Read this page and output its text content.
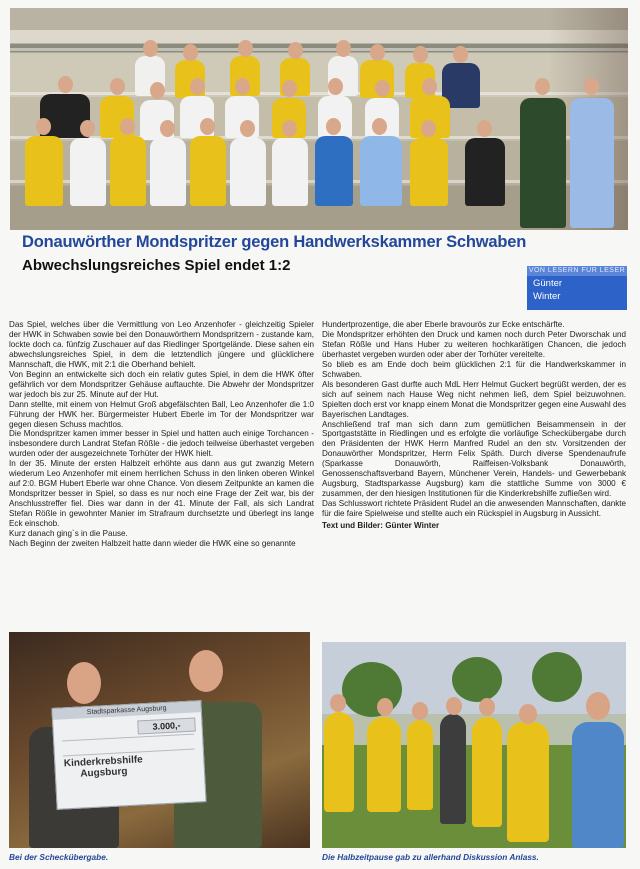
Donauwörther Mondspritzer gegen Handwerkskammer Schwaben
Abwechslungsreiches Spiel endet 1:2	VON LESERN FÜR LESER
Günter
Winter

Das Spiel, welches über die Vermittlung von Leo Anzenhofer - gleichzeitig Spieler der HWK in Schwaben sowie bei den Donauwörthern Mondspritzern - zustande kam, lockte doch ca. fünfzig Zuschauer auf das Riedlinger Sportgelände. Diese sahen ein abwechslungsreiches Spiel, in dem die letztendlich jüngere und glücklichere Mannschaft, die HWK, mit 2:1 die Oberhand behielt.

Von Beginn an entwickelte sich doch ein relativ gutes Spiel, in dem die HWK öfter gefährlich vor dem Mondspritzer Gehäuse auftauchte. Die Abwehr der Mondspritzer war jedoch bis zur 25. Minute auf der Hut.

Dann stellte, mit einem von Helmut Groß abgefälschten Ball, Leo Anzenhofer die 1:0 Führung der HWK her. Bürgermeister Hubert Eberle im Tor der Mondspritzer war gegen diesen Schuss machtlos.

Die Mondspritzer kamen immer besser in Spiel und hatten auch einige Torchancen - insbesondere durch Landrat Stefan Rößle - die jedoch teilweise überhastet vergeben wurden oder der ausgezeichnete Torhüter der HWK hielt.

In der 35. Minute der ersten Halbzeit erhöhte aus dann aus gut zwanzig Metern wiederum Leo Anzenhofer mit einem herrlichen Schuss in den linken oberen Winkel auf 2:0. BGM Hubert Eberle war ohne Chance. Von diesem Zeitpunkte an kamen die Mondspritzer besser in Spiel, so dass es nur noch eine Frage der Zeit war, bis der Anschlusstreffer fiel. Dies war dann in der 41. Minute der Fall, als sich Landrat Stefan Rößle in gewohnter Manier im Strafraum durchsetzte und überlegt ins lange Eck einschob.

Kurz danach ging`s in die Pause.

Nach Beginn der zweiten Halbzeit hatte dann wieder die HWK eine so genannte

Hundertprozentige, die aber Eberle bravourös zur Ecke entschärfte.

Die Mondspritzer erhöhten den Druck und kamen noch durch Peter Dworschak und Stefan Rößle und Hans Huber zu weiteren hochkarätigen Chancen, die jedoch überhastet vergeben wurden oder aber der Torhüter vereitelte.

So blieb es am Ende doch beim glücklichen 2:1 für die Handwerkskammer in Schwaben.

Als besonderen Gast durfte auch MdL Herr Helmut Guckert begrüßt werden, der es sich auf seinem nach Hause Weg nicht nehmen ließ, dem Spiel beizuwohnen. Spielten doch erst vor knapp einem Monat die Mondspritzer gegen eine Auswahl des Bayerischen Landtages.

Anschließend traf man sich dann zum gemütlichen Beisammensein in der Sportgaststätte in Riedlingen und es erfolgte die vorläufige Scheckübergabe durch den Präsidenten der HWK Herrn Manfred Rudel an den stv. Vorsitzenden der Donauwörther Mondspritzer, Herrn Felix Späth. Durch diverse Spendenaufrufe (Sparkasse Donauwörth, Raiffeisen-Volksbank Donauwörth, Genossenschaftsverband Bayern, Münchener Verein, Handels- und Gewerbebank Augsburg, Stadtsparkasse Augsburg) kam die stattliche Summe von 3000 € zusammen, der den hiesigen Institutionen für die Kinderkrebshilfe zufließen wird.

Das Schlusswort richtete Präsident Rudel an die anwesenden Mannschaften, dankte für die faire Spielweise und stellte auch ein Rückspiel in Augsburg in Aussicht.

Text und Bilder: Günter Winter

Stadtsparkasse Augsburg
3.000,-
Kinderkrebshilfe
Augsburg
Bei der Scheckübergabe.	Die Halbzeitpause gab zu allerhand Diskussion Anlass.
